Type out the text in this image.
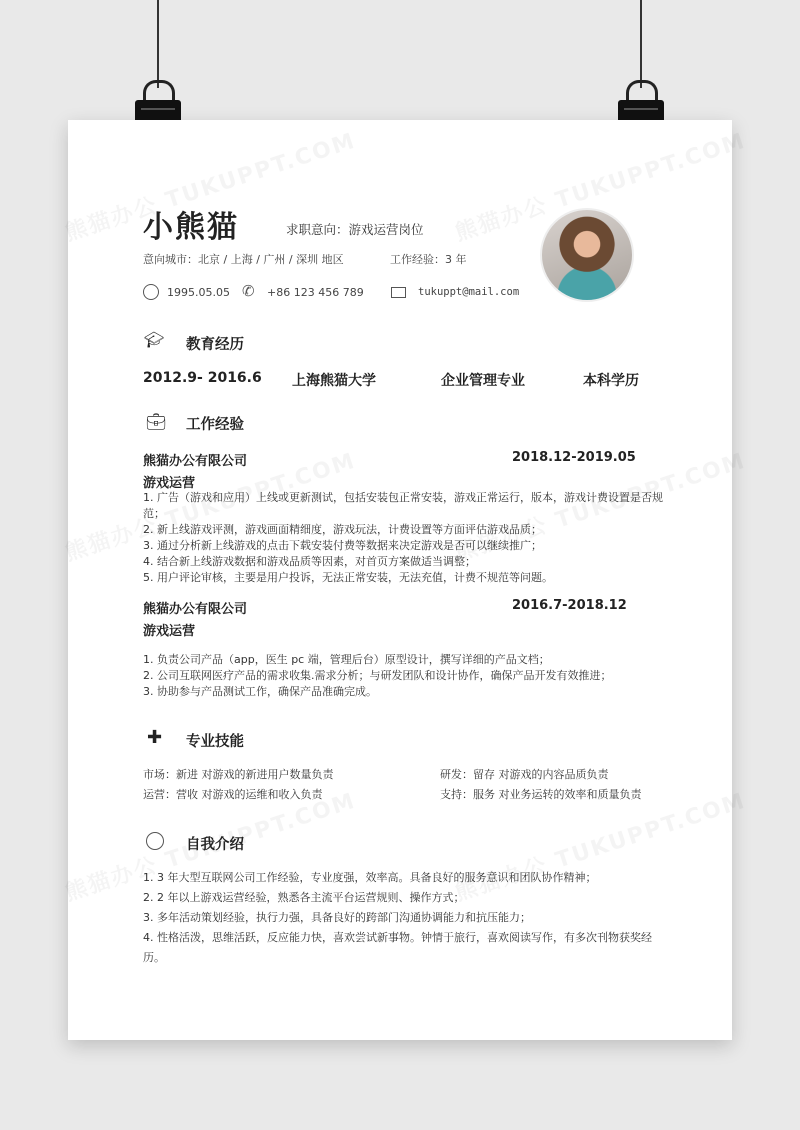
小熊猫	求职意向：游戏运营岗位
意向城市：北京 / 上海 / 广州 / 深圳 地区	工作经验：3 年
1995.05.05 ✆ +86 123 456 789	tukuppt@mail.com
🎓︎ 教育经历
2012.9- 2016.6 上海熊猫大学	企业管理专业	本科学历
💼︎ 工作经验
熊猫办公有限公司	2018.12-2019.05
游戏运营

1. 广告（游戏和应用）上线或更新测试，包括安装包正常安装，游戏正常运行，版本，游戏计费设置是否规范；

2. 新上线游戏评测，游戏画面精细度，游戏玩法，计费设置等方面评估游戏品质；

3. 通过分析新上线游戏的点击下载安装付费等数据来决定游戏是否可以继续推广；

4. 结合新上线游戏数据和游戏品质等因素，对首页方案做适当调整；

5. 用户评论审核，主要是用户投诉，无法正常安装，无法充值，计费不规范等问题。

熊猫办公有限公司	2016.7-2018.12
游戏运营

1. 负责公司产品（app，医生 pc 端，管理后台）原型设计，撰写详细的产品文档；

2. 公司互联网医疗产品的需求收集.需求分析；与研发团队和设计协作，确保产品开发有效推进；

3. 协助参与产品测试工作，确保产品准确完成。

✚ 专业技能
市场：新进 对游戏的新进用户数量负责	研发：留存 对游戏的内容品质负责
运营：营收 对游戏的运维和收入负责	支持：服务 对业务运转的效率和质量负责
自我介绍

1. 3 年大型互联网公司工作经验，专业度强，效率高。具备良好的服务意识和团队协作精神；

2. 2 年以上游戏运营经验，熟悉各主流平台运营规则、操作方式；

3. 多年活动策划经验，执行力强，具备良好的跨部门沟通协调能力和抗压能力；

4. 性格活泼，思维活跃，反应能力快，喜欢尝试新事物。钟情于旅行，喜欢阅读写作，有多次刊物获奖经历。
